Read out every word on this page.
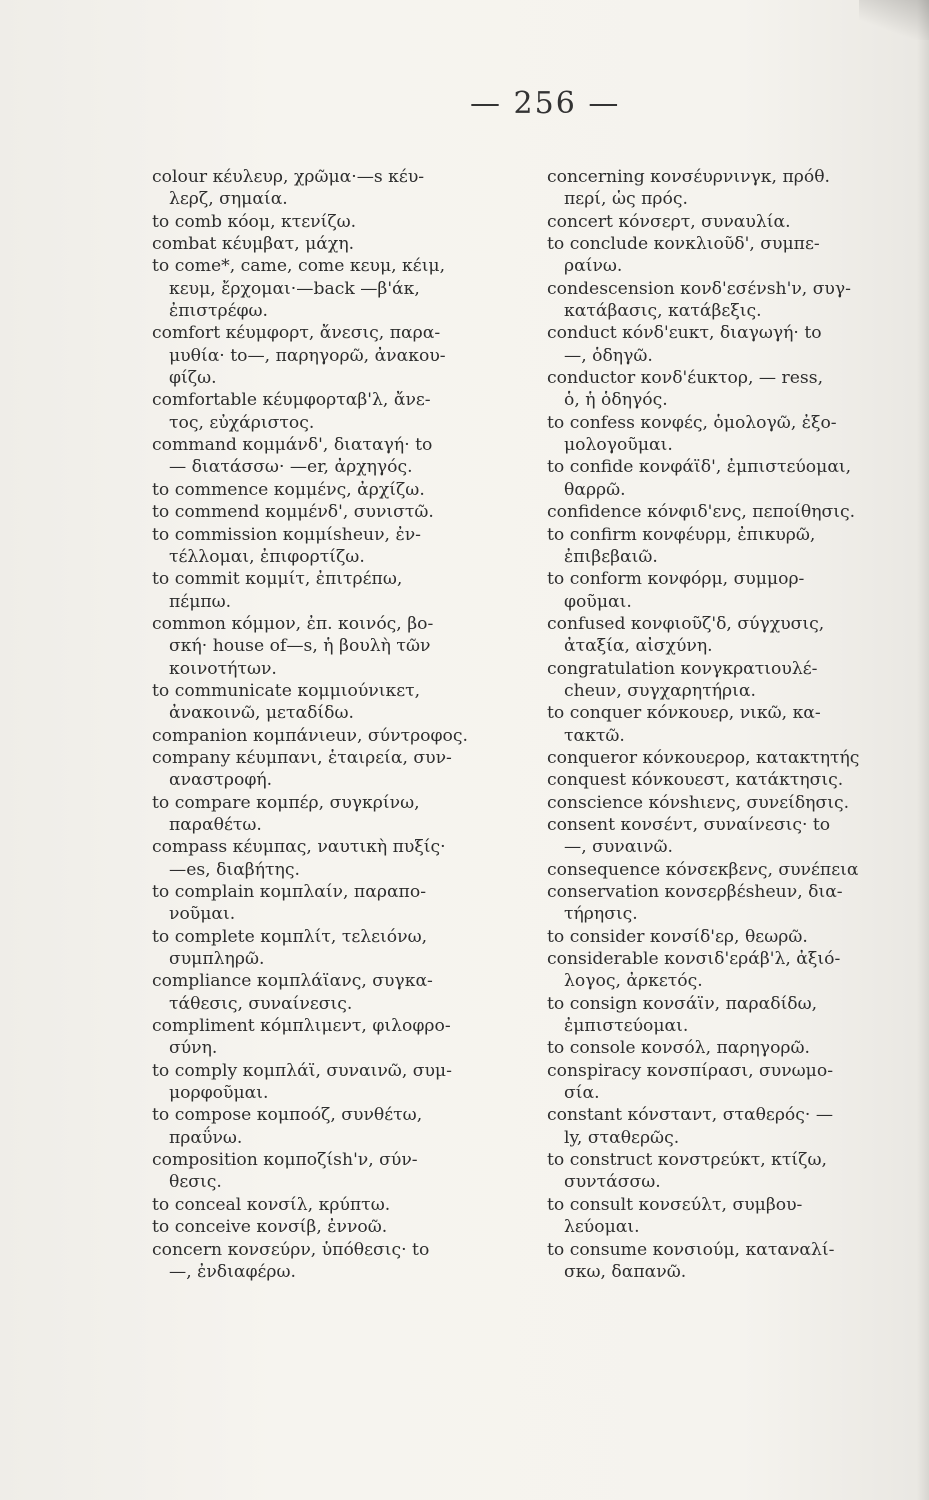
— 256 —
colour κέυλευρ, χρῶμα·—s κέυ-
λερζ, σημαία.
to comb κόομ, κτενίζω.
combat κέυμβατ, μάχη.
to come*, came, come κευμ, κέιμ,
κευμ, ἔρχομαι·—back —β'άκ,
ἐπιστρέφω.
comfort κέυμφορτ, ἄνεσις, παρα-
μυθία· to—, παρηγορῶ, ἀνακου-
φίζω.
comfortable κέυμφορταβ'λ, ἄνε-
τος, εὐχάριστος.
command κομμάνδ', διαταγή· to
— διατάσσω· —er, ἀρχηγός.
to commence κομμένς, ἀρχίζω.
to commend κομμένδ', συνιστῶ.
to commission κομμίsheuν, ἐν-
τέλλομαι, ἐπιφορτίζω.
to commit κομμίτ, ἐπιτρέπω,
πέμπω.
common κόμμον, ἐπ. κοινός, βο-
σκή· house of—s, ἡ βουλὴ τῶν
κοινοτήτων.
to communicate κομμιούνικετ,
ἀνακοινῶ, μεταδίδω.
companion κομπάνιeuν, σύντροφος.
company κέυμπανι, ἑταιρεία, συν-
αναστροφή.
to compare κομπέρ, συγκρίνω,
παραθέτω.
compass κέυμπας, ναυτικὴ πυξίς·
—es, διαβήτης.
to complain κομπλαίν, παραπο-
νοῦμαι.
to complete κομπλίτ, τελειόνω,
συμπληρῶ.
compliance κομπλάϊανς, συγκα-
τάθεσις, συναίνεσις.
compliment κόμπλιμεντ, φιλοφρο-
σύνη.
to comply κομπλάϊ, συναινῶ, συμ-
μορφοῦμαι.
to compose κομποόζ, συνθέτω,
πραΰνω.
composition κομποζίsh'ν, σύν-
θεσις.
to conceal κονσίλ, κρύπτω.
to conceive κονσίβ, ἐννοῶ.
concern κονσεύρν, ὑπόθεσις· to
—, ἐνδιαφέρω.
concerning κονσέυρνινγκ, πρόθ.
περί, ὡς πρός.
concert κόνσερτ, συναυλία.
to conclude κονκλιοῦδ', συμπε-
ραίνω.
condescension κονδ'εσένsh'ν, συγ-
κατάβασις, κατάβεξις.
conduct κόνδ'εuκτ, διαγωγή· to
—, ὁδηγῶ.
conductor κονδ'έuκτορ, — ress,
ὁ, ἡ ὁδηγός.
to confess κονφές, ὁμολογῶ, ἐξο-
μολογοῦμαι.
to confide κονφάϊδ', ἐμπιστεύομαι,
θαρρῶ.
confidence κόνφιδ'ενς, πεποίθησις.
to confirm κονφέυρμ, ἐπικυρῶ,
ἐπιβεβαιῶ.
to conform κονφόρμ, συμμορ-
φοῦμαι.
confused κονφιοῦζ'δ, σύγχυσις,
ἀταξία, αἰσχύνη.
congratulation κονγκρατιουλέ-
cheuν, συγχαρητήρια.
to conquer κόνκουερ, νικῶ, κα-
τακτῶ.
conqueror κόνκουερορ, κατακτητής
conquest κόνκουεστ, κατάκτησις.
conscience κόνshιενς, συνείδησις.
consent κονσέντ, συναίνεσις· to
—, συναινῶ.
consequence κόνσεκβενς, συνέπεια
conservation κονσερβέsheuν, δια-
τήρησις.
to consider κονσίδ'ερ, θεωρῶ.
considerable κονσιδ'εράβ'λ, ἀξιό-
λογος, ἀρκετός.
to consign κονσάϊν, παραδίδω,
ἐμπιστεύομαι.
to console κονσόλ, παρηγορῶ.
conspiracy κονσπίρασι, συνωμο-
σία.
constant κόνσταντ, σταθερός· —
ly, σταθερῶς.
to construct κονστρεύκτ, κτίζω,
συντάσσω.
to consult κονσεύλτ, συμβου-
λεύομαι.
to consume κονσιούμ, καταναλί-
σκω, δαπανῶ.
